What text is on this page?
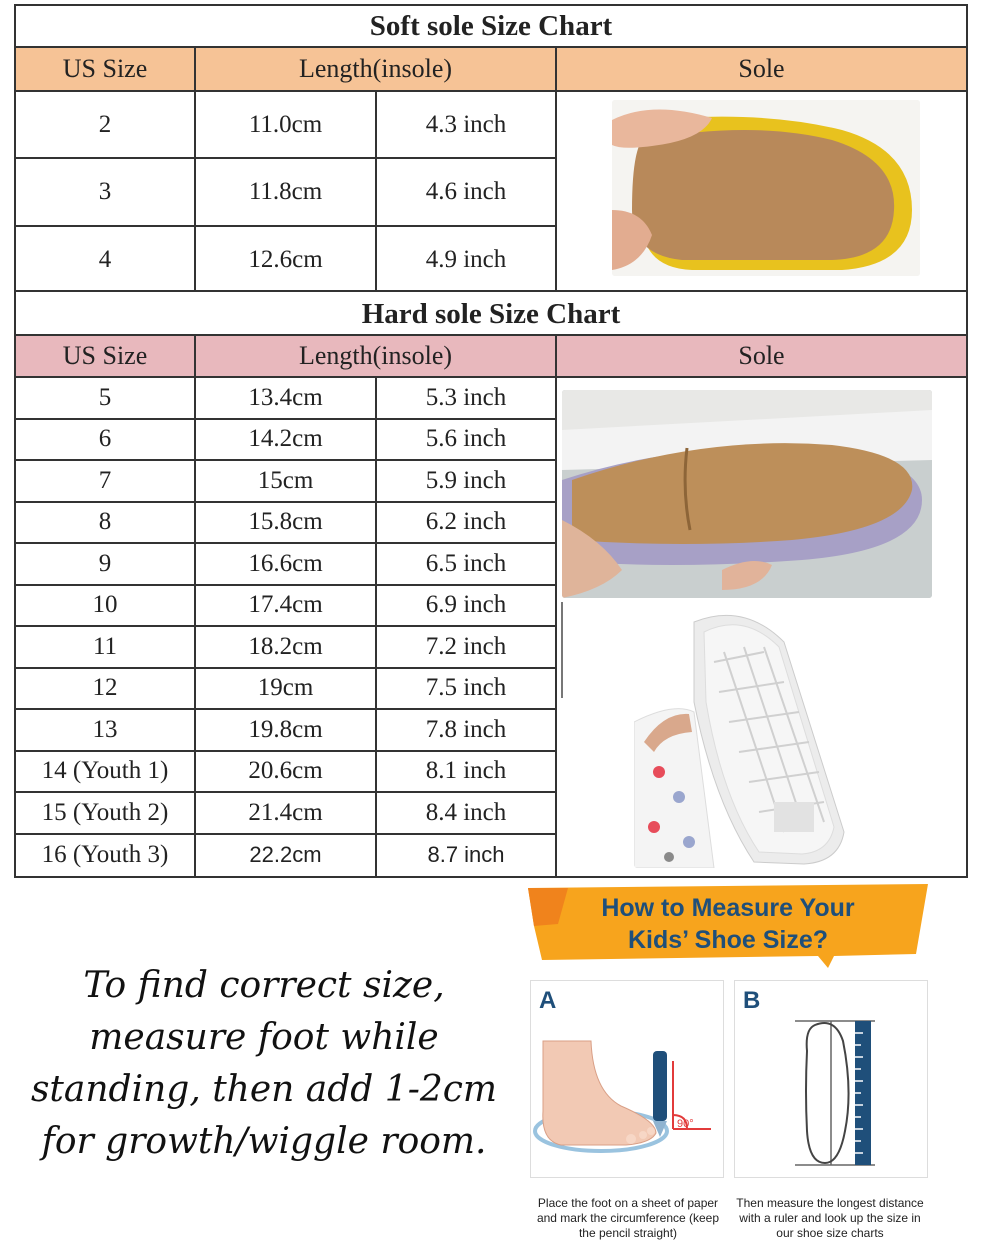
Soft sole Size Chart
US Size	Length(insole)	Sole
2	11.0cm	4.3 inch
3	11.8cm	4.6 inch
4	12.6cm	4.9 inch
Hard sole Size Chart
US Size	Length(insole)	Sole
5	13.4cm	5.3 inch
6	14.2cm	5.6 inch
7	15cm	5.9 inch
8	15.8cm	6.2 inch
9	16.6cm	6.5 inch
10	17.4cm	6.9 inch
11	18.2cm	7.2 inch
12	19cm	7.5 inch
13	19.8cm	7.8 inch
14 (Youth 1)	20.6cm	8.1 inch
15 (Youth 2)	21.4cm	8.4 inch
16 (Youth 3)	22.2cm	8.7 inch
To find correct size, measure foot while standing, then add 1-2cm for growth/wiggle room.
How to Measure Your
Kids’ Shoe Size?
A
90°
B
Place the foot on a sheet of paper and mark the circumference (keep the pencil straight)
Then measure the longest distance with a ruler and look up the size in our shoe size charts
